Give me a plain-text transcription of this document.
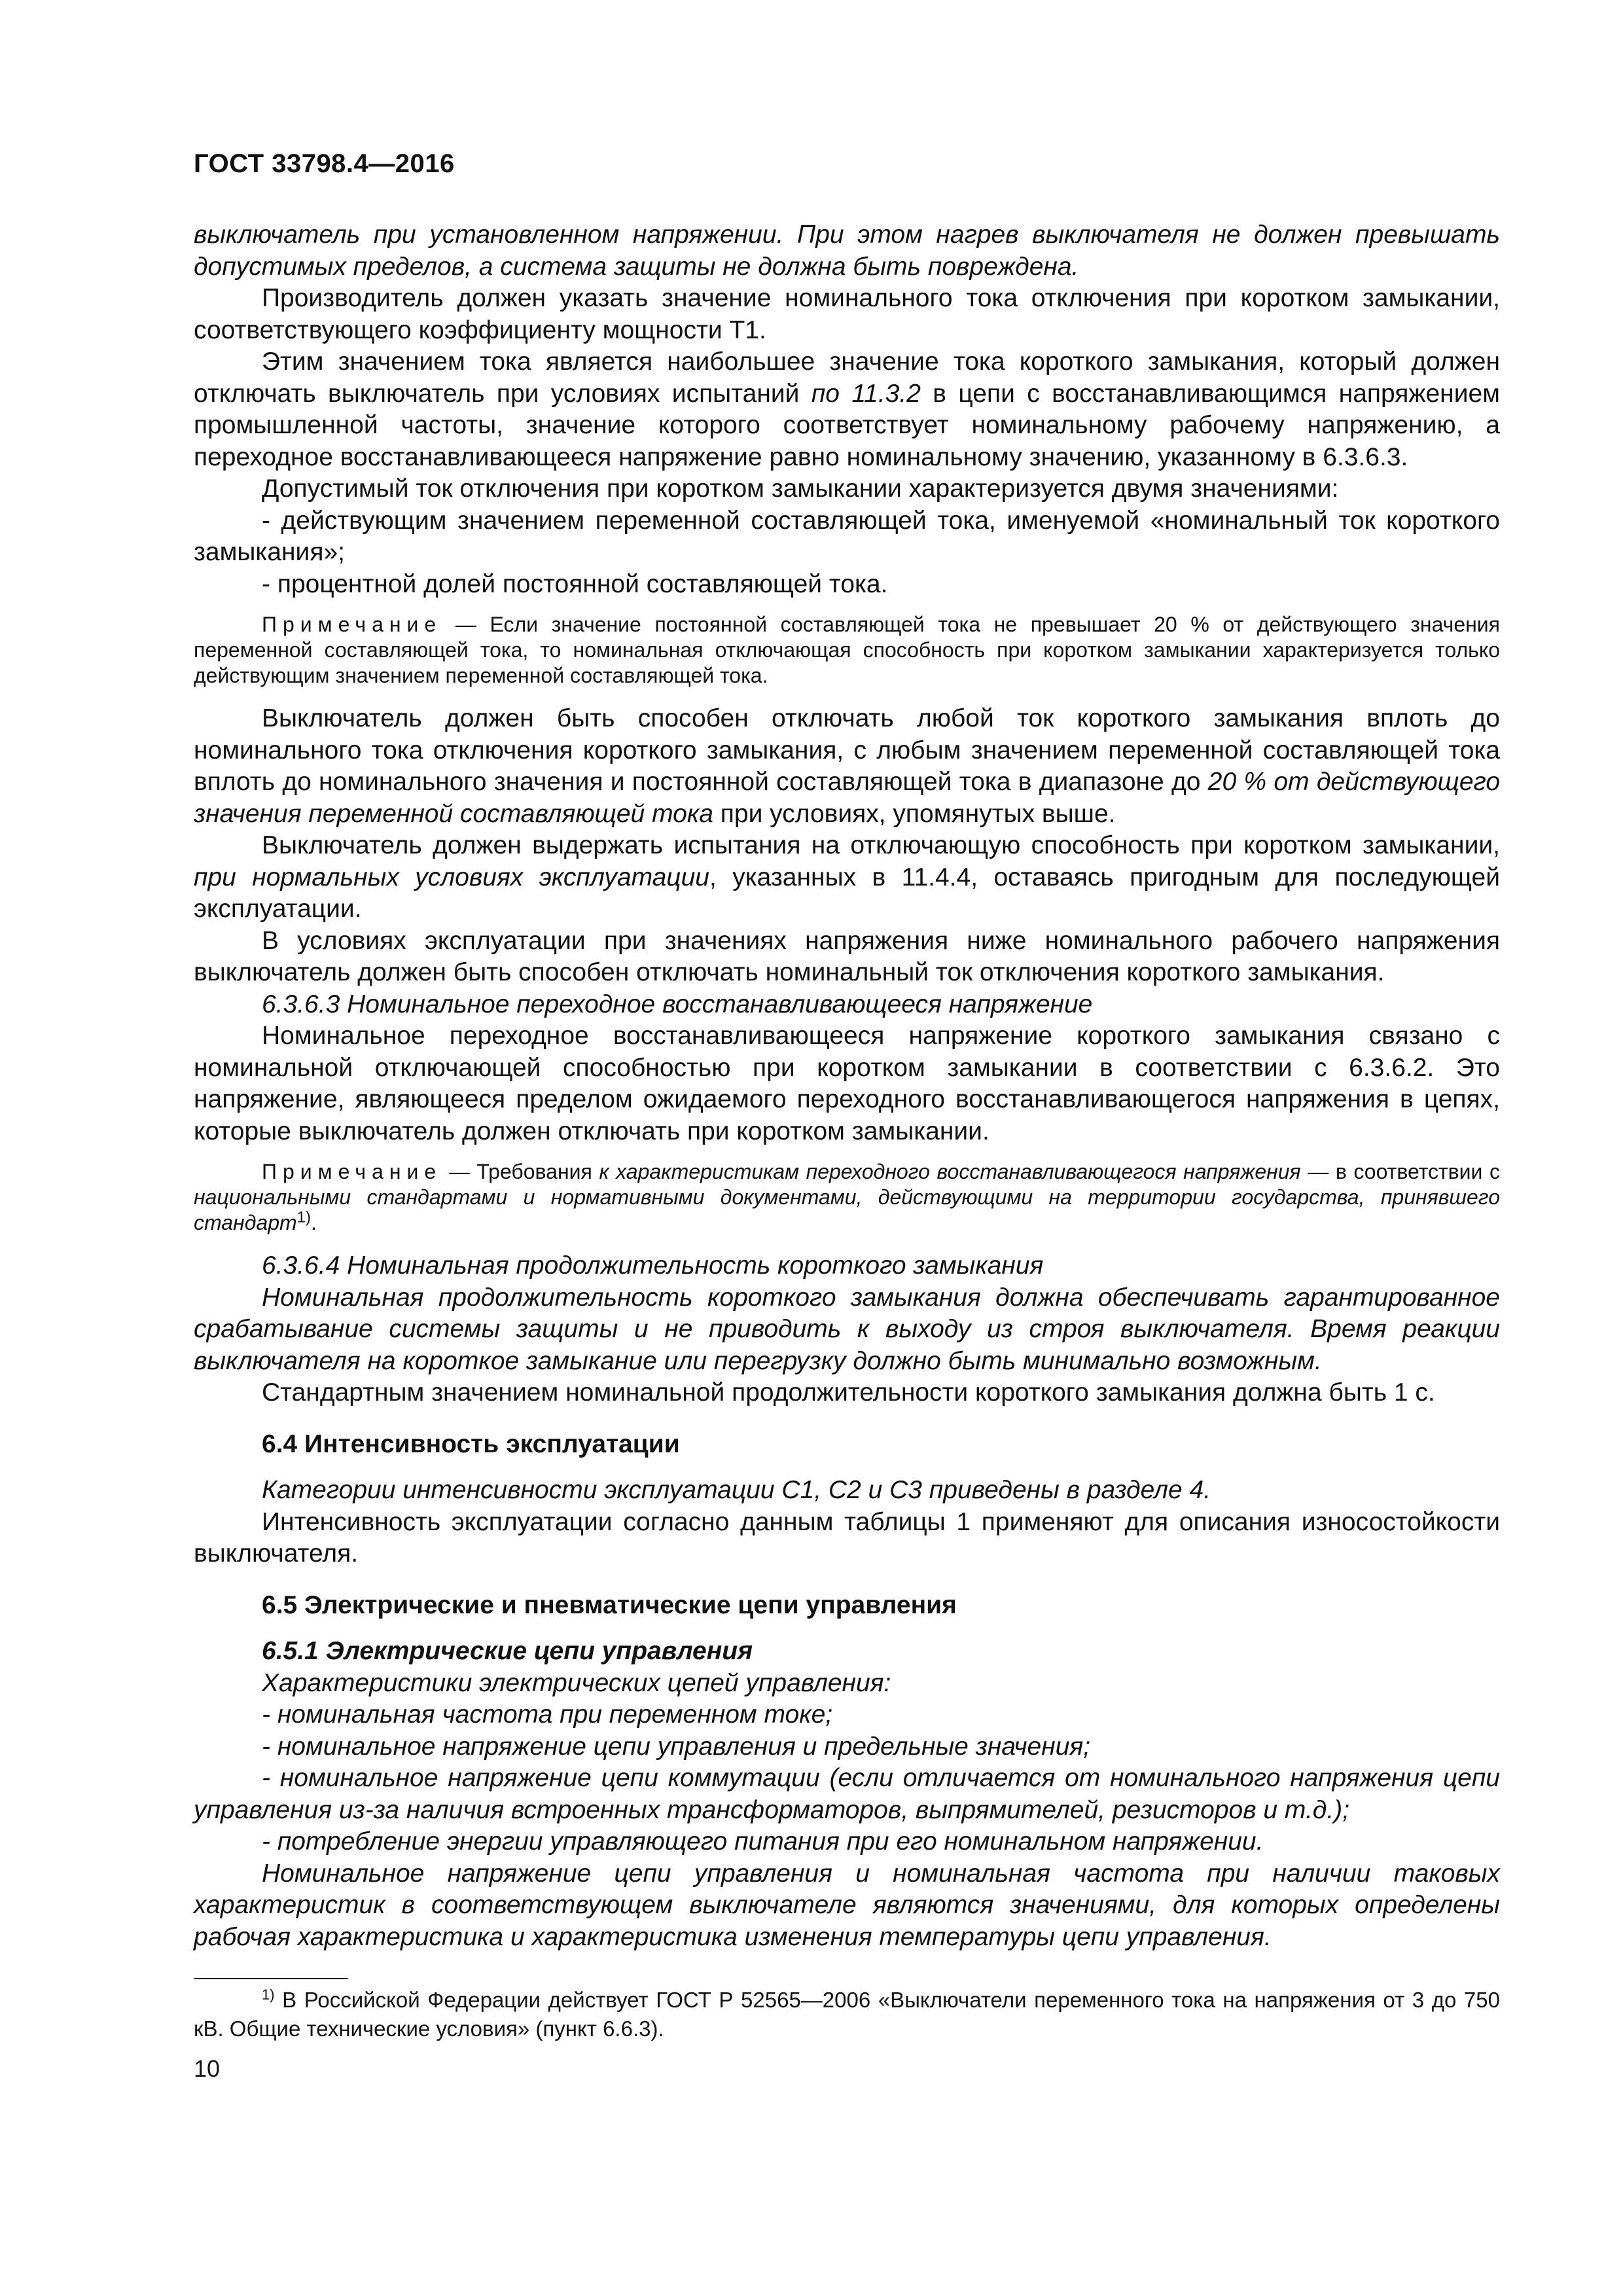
ГОСТ 33798.4—2016

выключатель при установленном напряжении. При этом нагрев выключателя не должен превышать допустимых пределов, а система защиты не должна быть повреждена.

Производитель должен указать значение номинального тока отключения при коротком замыкании, соответствующего коэффициенту мощности Т1.

Этим значением тока является наибольшее значение тока короткого замыкания, который должен отключать выключатель при условиях испытаний по 11.3.2 в цепи с восстанавливающимся напряжением промышленной частоты, значение которого соответствует номинальному рабочему напряжению, а переходное восстанавливающееся напряжение равно номинальному значению, указанному в 6.3.6.3.

Допустимый ток отключения при коротком замыкании характеризуется двумя значениями:

- действующим значением переменной составляющей тока, именуемой «номинальный ток короткого замыкания»;

- процентной долей постоянной составляющей тока.

Примечание — Если значение постоянной составляющей тока не превышает 20 % от действующего значения переменной составляющей тока, то номинальная отключающая способность при коротком замыкании характеризуется только действующим значением переменной составляющей тока.

Выключатель должен быть способен отключать любой ток короткого замыкания вплоть до номинального тока отключения короткого замыкания, с любым значением переменной составляющей тока вплоть до номинального значения и постоянной составляющей тока в диапазоне до 20 % от действующего значения переменной составляющей тока при условиях, упомянутых выше.

Выключатель должен выдержать испытания на отключающую способность при коротком замыкании, при нормальных условиях эксплуатации, указанных в 11.4.4, оставаясь пригодным для последующей эксплуатации.

В условиях эксплуатации при значениях напряжения ниже номинального рабочего напряжения выключатель должен быть способен отключать номинальный ток отключения короткого замыкания.

6.3.6.3 Номинальное переходное восстанавливающееся напряжение

Номинальное переходное восстанавливающееся напряжение короткого замыкания связано с номинальной отключающей способностью при коротком замыкании в соответствии с 6.3.6.2. Это напряжение, являющееся пределом ожидаемого переходного восстанавливающегося напряжения в цепях, которые выключатель должен отключать при коротком замыкании.

Примечание — Требования к характеристикам переходного восстанавливающегося напряжения — в соответствии с национальными стандартами и нормативными документами, действующими на территории государства, принявшего стандарт$^{1)}$.

6.3.6.4 Номинальная продолжительность короткого замыкания

Номинальная продолжительность короткого замыкания должна обеспечивать гарантированное срабатывание системы защиты и не приводить к выходу из строя выключателя. Время реакции выключателя на короткое замыкание или перегрузку должно быть минимально возможным.

Стандартным значением номинальной продолжительности короткого замыкания должна быть 1 с.

6.4 Интенсивность эксплуатации

Категории интенсивности эксплуатации С1, С2 и С3 приведены в разделе 4.

Интенсивность эксплуатации согласно данным таблицы 1 применяют для описания износостойкости выключателя.

6.5 Электрические и пневматические цепи управления

6.5.1 Электрические цепи управления

Характеристики электрических цепей управления:

- номинальная частота при переменном токе;

- номинальное напряжение цепи управления и предельные значения;

- номинальное напряжение цепи коммутации (если отличается от номинального напряжения цепи управления из-за наличия встроенных трансформаторов, выпрямителей, резисторов и т.д.);

- потребление энергии управляющего питания при его номинальном напряжении.

Номинальное напряжение цепи управления и номинальная частота при наличии таковых характеристик в соответствующем выключателе являются значениями, для которых определены рабочая характеристика и характеристика изменения температуры цепи управления.

$^{1)}$ В Российской Федерации действует ГОСТ Р 52565—2006 «Выключатели переменного тока на напряжения от 3 до 750 кВ. Общие технические условия» (пункт 6.6.3).
10
